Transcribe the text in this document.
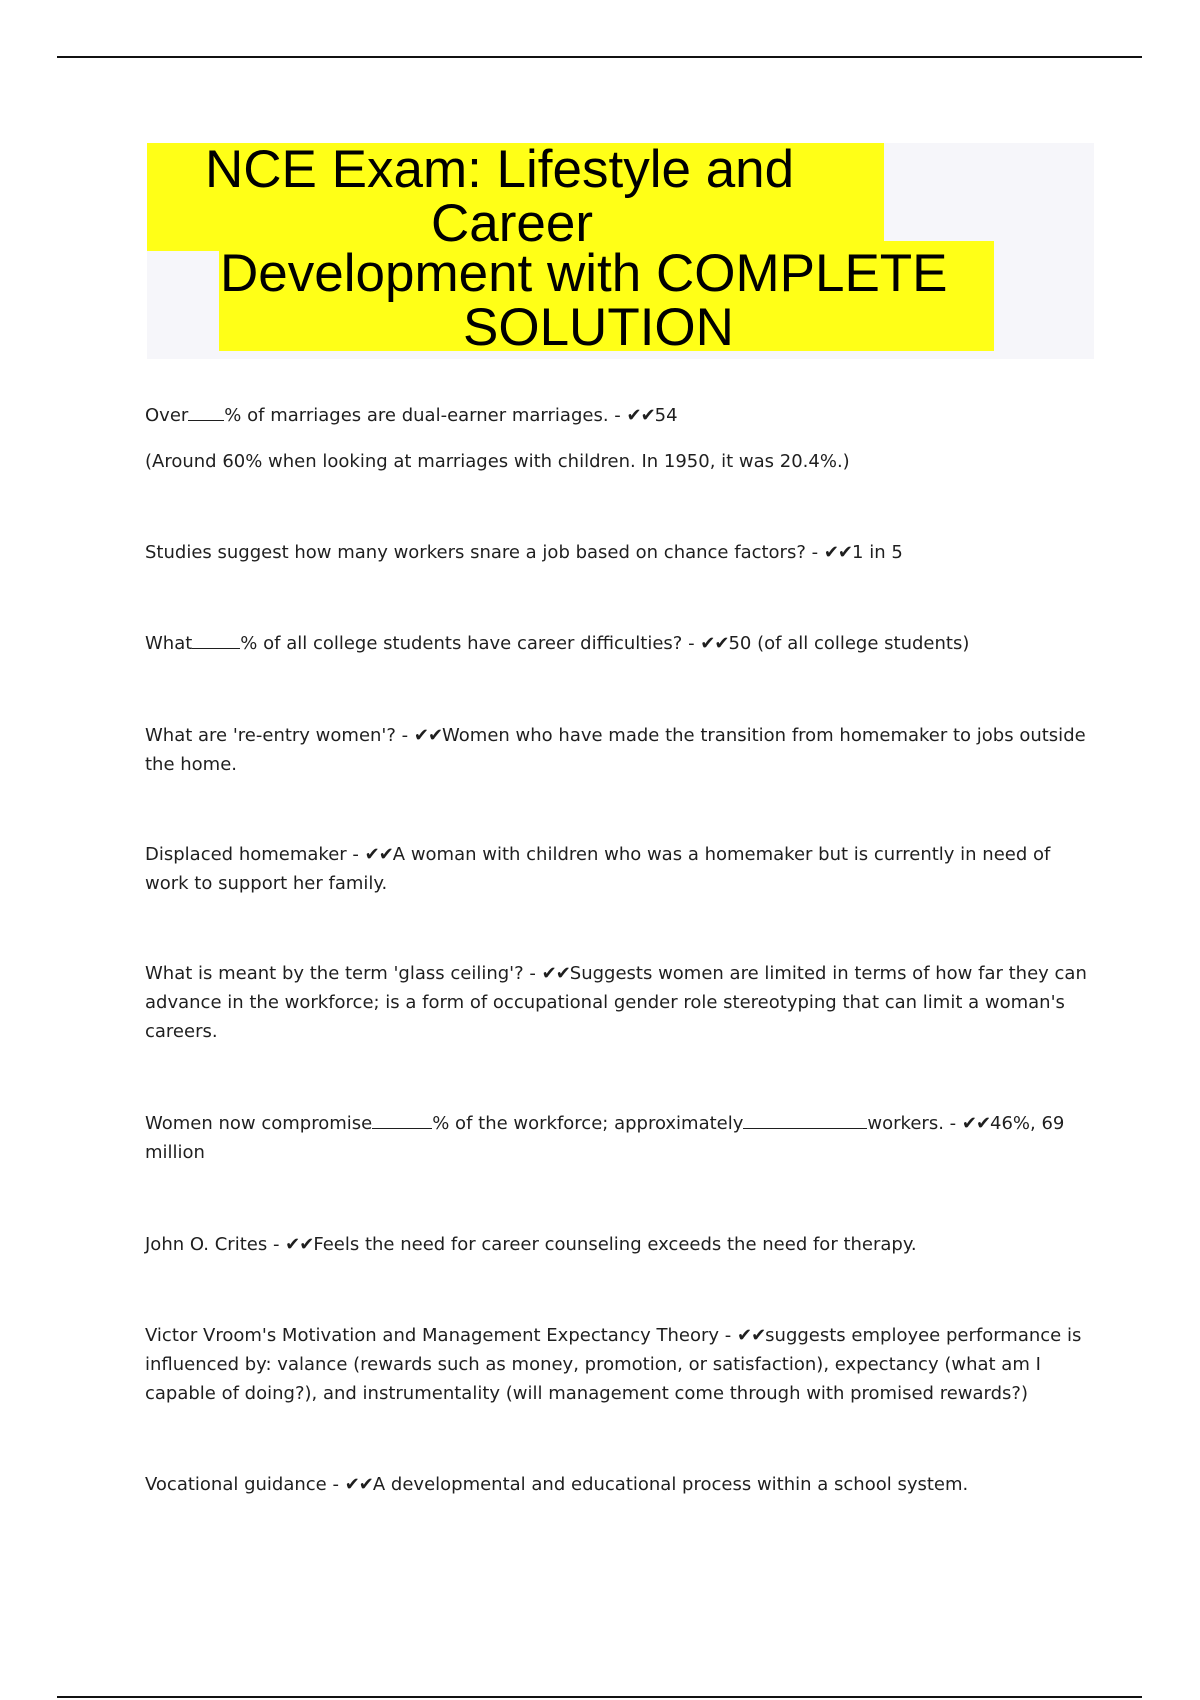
NCE Exam: Lifestyle and
Career
Development with COMPLETE
SOLUTION

Over % of marriages are dual-earner marriages. - ✔✔54

(Around 60% when looking at marriages with children. In 1950, it was 20.4%.)

Studies suggest how many workers snare a job based on chance factors? - ✔✔1 in 5

What	% of all college students have career difficulties? - ✔✔50 (of all college students)

What are 're-entry women'? - ✔✔Women who have made the transition from homemaker to jobs outside the home.

Displaced homemaker - ✔✔A woman with children who was a homemaker but is currently in need of work to support her family.

What is meant by the term 'glass ceiling'? - ✔✔Suggests women are limited in terms of how far they can advance in the workforce; is a form of occupational gender role stereotyping that can limit a woman's careers.

Women now compromise	% of the workforce; approximately	workers. - ✔✔46%, 69 million

John O. Crites - ✔✔Feels the need for career counseling exceeds the need for therapy.

Victor Vroom's Motivation and Management Expectancy Theory - ✔✔suggests employee performance is influenced by: valance (rewards such as money, promotion, or satisfaction), expectancy (what am I capable of doing?), and instrumentality (will management come through with promised rewards?)

Vocational guidance - ✔✔A developmental and educational process within a school system.
